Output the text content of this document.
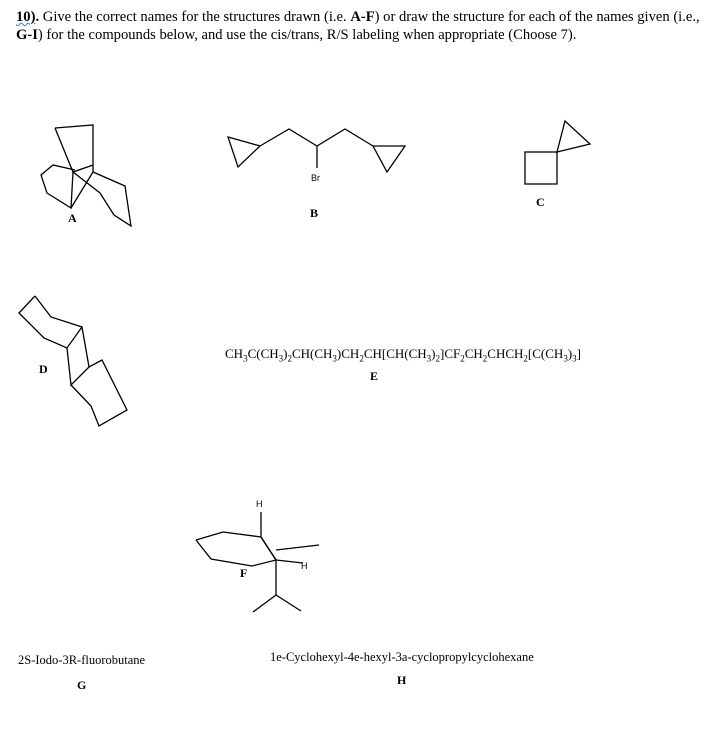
10). Give the correct names for the structures drawn (i.e. A-F) or draw the structure for each of the names given (i.e., G-I) for the compounds below, and use the cis/trans, R/S labeling when appropriate (Choose 7).
A	B
Br
C
D	E
F
H
H
$CH_3C(CH_3)_2CH(CH_3)CH_2CH[CH(CH_3)_2]CF_2CH_2CHCH_2[C(CH_3)_3]$
2S-Iodo-3R-fluorobutane
G
1e-Cyclohexyl-4e-hexyl-3a-cyclopropylcyclohexane
H
